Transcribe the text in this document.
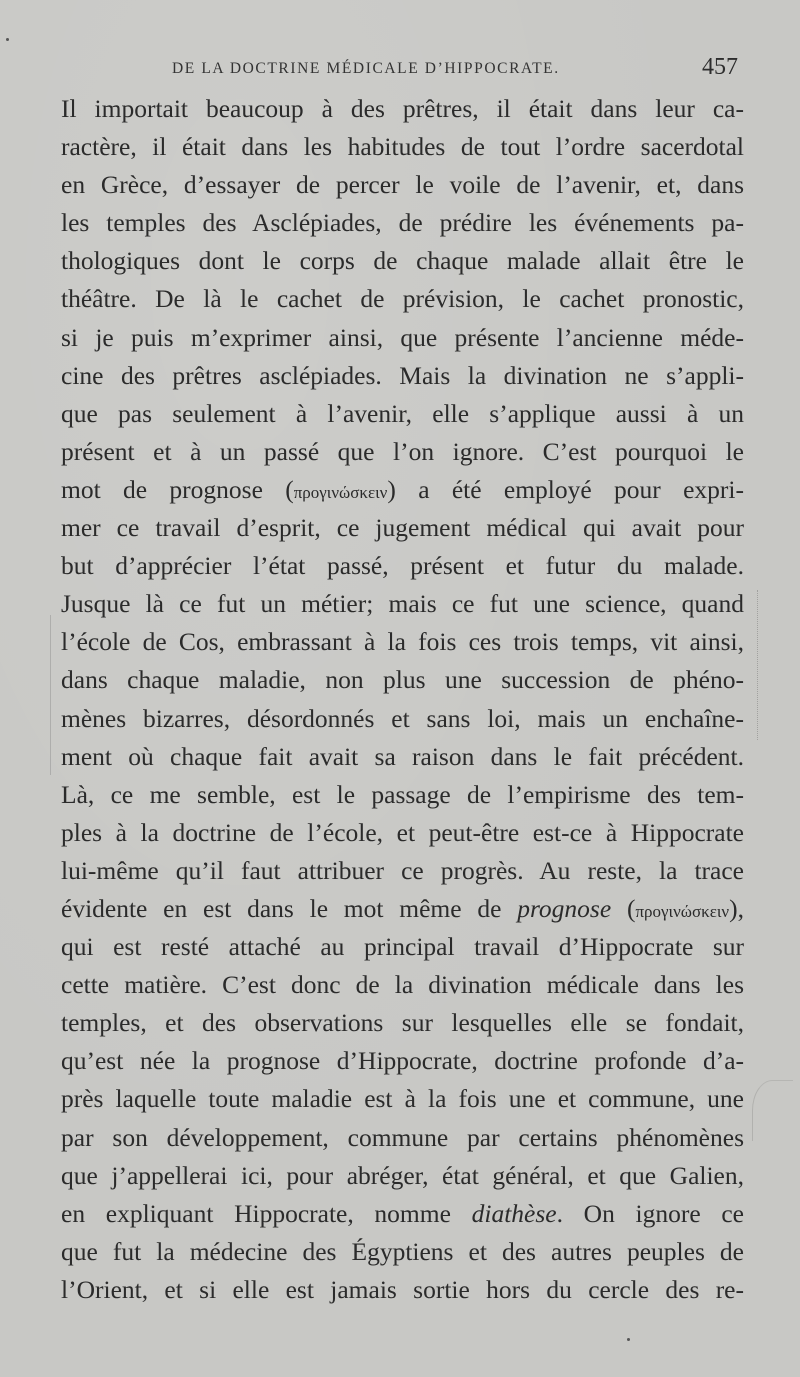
DE LA DOCTRINE MÉDICALE D’HIPPOCRATE.	457
Il importait beaucoup à des prêtres, il était dans leur ca-
ractère, il était dans les habitudes de tout l’ordre sacerdotal
en Grèce, d’essayer de percer le voile de l’avenir, et, dans
les temples des Asclépiades, de prédire les événements pa-
thologiques dont le corps de chaque malade allait être le
théâtre. De là le cachet de prévision, le cachet pronostic,
si je puis m’exprimer ainsi, que présente l’ancienne méde-
cine des prêtres asclépiades. Mais la divination ne s’appli-
que pas seulement à l’avenir, elle s’applique aussi à un
présent et à un passé que l’on ignore. C’est pourquoi le
mot de prognose (προγινώσκειν) a été employé pour expri-
mer ce travail d’esprit, ce jugement médical qui avait pour
but d’apprécier l’état passé, présent et futur du malade.
Jusque là ce fut un métier; mais ce fut une science, quand
l’école de Cos, embrassant à la fois ces trois temps, vit ainsi,
dans chaque maladie, non plus une succession de phéno-
mènes bizarres, désordonnés et sans loi, mais un enchaîne-
ment où chaque fait avait sa raison dans le fait précédent.
Là, ce me semble, est le passage de l’empirisme des tem-
ples à la doctrine de l’école, et peut-être est-ce à Hippocrate
lui-même qu’il faut attribuer ce progrès. Au reste, la trace
évidente en est dans le mot même de prognose (προγινώσκειν),
qui est resté attaché au principal travail d’Hippocrate sur
cette matière. C’est donc de la divination médicale dans les
temples, et des observations sur lesquelles elle se fondait,
qu’est née la prognose d’Hippocrate, doctrine profonde d’a-
près laquelle toute maladie est à la fois une et commune, une
par son développement, commune par certains phénomènes
que j’appellerai ici, pour abréger, état général, et que Galien,
en expliquant Hippocrate, nomme diathèse. On ignore ce
que fut la médecine des Égyptiens et des autres peuples de
l’Orient, et si elle est jamais sortie hors du cercle des re-
